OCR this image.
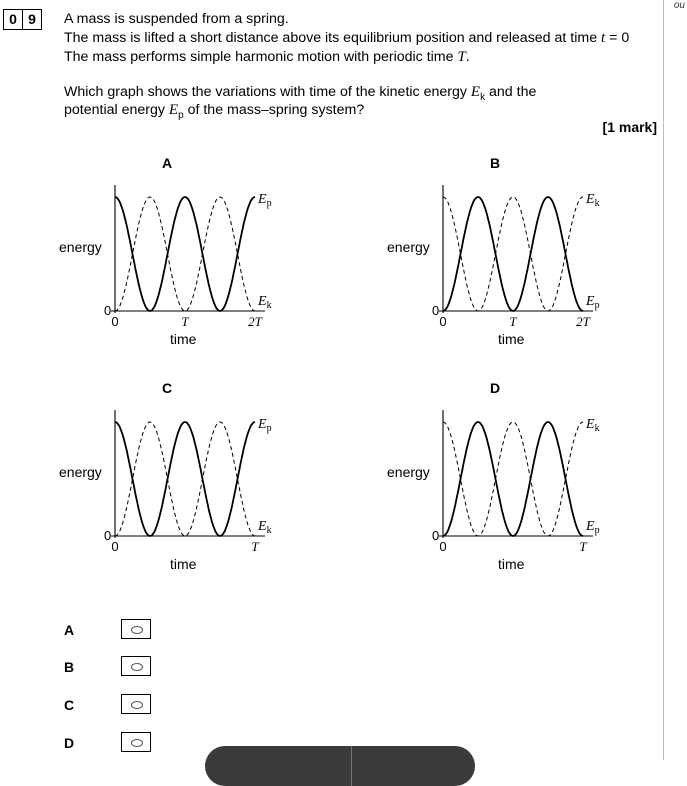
ou
0 9	A mass is suspended from a spring.
The mass is lifted a short distance above its equilibrium position and released at time t = 0
The mass performs simple harmonic motion with periodic time T.
Which graph shows the variations with time of the kinetic energy $E_k$ and the
potential energy $E_p$ of the mass–spring system?
[1 mark]
A
energy
time
0	T	2T
0
$E_p$
$E_k$
B
energy
time
0	T	2T
0
$E_k$
$E_p$
C
energy
time
0	T
0
$E_p$
$E_k$
D
energy
time
0	T
0
$E_k$
$E_p$
A
B
C
D
